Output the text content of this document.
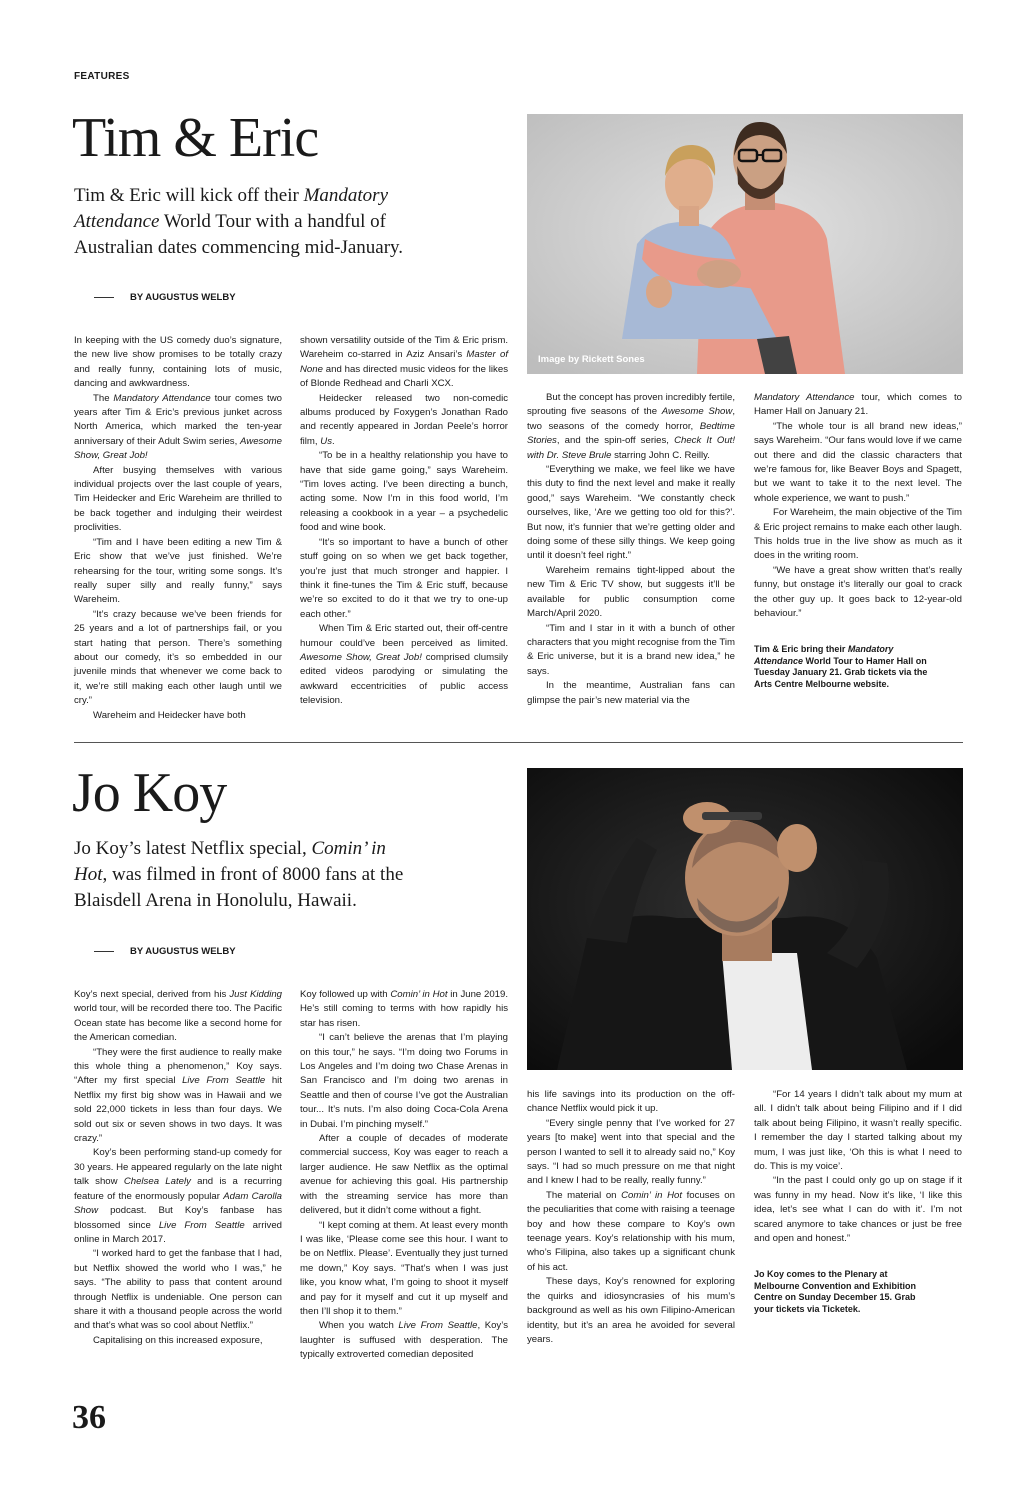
FEATURES
Tim & Eric
Tim & Eric will kick off their Mandatory Attendance World Tour with a handful of Australian dates commencing mid-January.
BY AUGUSTUS WELBY
Image by Rickett Sones

In keeping with the US comedy duo’s signature, the new live show promises to be totally crazy and really funny, containing lots of music, dancing and awkwardness.

The Mandatory Attendance tour comes two years after Tim & Eric’s previous junket across North America, which marked the ten-year anniversary of their Adult Swim series, Awesome Show, Great Job!

After busying themselves with various individual projects over the last couple of years, Tim Heidecker and Eric Wareheim are thrilled to be back together and indulging their weirdest proclivities.

“Tim and I have been editing a new Tim & Eric show that we’ve just finished. We’re rehearsing for the tour, writing some songs. It’s really super silly and really funny,” says Wareheim.

“It’s crazy because we’ve been friends for 25 years and a lot of partnerships fail, or you start hating that person. There’s something about our comedy, it’s so embedded in our juvenile minds that whenever we come back to it, we’re still making each other laugh until we cry.”

Wareheim and Heidecker have both

shown versatility outside of the Tim & Eric prism. Wareheim co-starred in Aziz Ansari’s Master of None and has directed music videos for the likes of Blonde Redhead and Charli XCX.

Heidecker released two non-comedic albums produced by Foxygen’s Jonathan Rado and recently appeared in Jordan Peele’s horror film, Us.

“To be in a healthy relationship you have to have that side game going,” says Wareheim. “Tim loves acting. I’ve been directing a bunch, acting some. Now I’m in this food world, I’m releasing a cookbook in a year – a psychedelic food and wine book.

“It’s so important to have a bunch of other stuff going on so when we get back together, you’re just that much stronger and happier. I think it fine-tunes the Tim & Eric stuff, because we’re so excited to do it that we try to one-up each other.”

When Tim & Eric started out, their off-centre humour could’ve been perceived as limited. Awesome Show, Great Job! comprised clumsily edited videos parodying or simulating the awkward eccentricities of public access television.

But the concept has proven incredibly fertile, sprouting five seasons of the Awesome Show, two seasons of the comedy horror, Bedtime Stories, and the spin-off series, Check It Out! with Dr. Steve Brule starring John C. Reilly.

“Everything we make, we feel like we have this duty to find the next level and make it really good,” says Wareheim. “We constantly check ourselves, like, ‘Are we getting too old for this?’. But now, it’s funnier that we’re getting older and doing some of these silly things. We keep going until it doesn’t feel right.”

Wareheim remains tight-lipped about the new Tim & Eric TV show, but suggests it’ll be available for public consumption come March/April 2020.

“Tim and I star in it with a bunch of other characters that you might recognise from the Tim & Eric universe, but it is a brand new idea,” he says.

In the meantime, Australian fans can glimpse the pair’s new material via the

Mandatory Attendance tour, which comes to Hamer Hall on January 21.

“The whole tour is all brand new ideas,” says Wareheim. “Our fans would love if we came out there and did the classic characters that we’re famous for, like Beaver Boys and Spagett, but we want to take it to the next level. The whole experience, we want to push.”

For Wareheim, the main objective of the Tim & Eric project remains to make each other laugh. This holds true in the live show as much as it does in the writing room.

“We have a great show written that’s really funny, but onstage it’s literally our goal to crack the other guy up. It goes back to 12-year-old behaviour.”

Tim & Eric bring their Mandatory Attendance World Tour to Hamer Hall on Tuesday January 21. Grab tickets via the Arts Centre Melbourne website.
Jo Koy
Jo Koy’s latest Netflix special, Comin’ in Hot, was filmed in front of 8000 fans at the Blaisdell Arena in Honolulu, Hawaii.
BY AUGUSTUS WELBY

Koy’s next special, derived from his Just Kidding world tour, will be recorded there too. The Pacific Ocean state has become like a second home for the American comedian.

“They were the first audience to really make this whole thing a phenomenon,” Koy says. “After my first special Live From Seattle hit Netflix my first big show was in Hawaii and we sold 22,000 tickets in less than four days. We sold out six or seven shows in two days. It was crazy.”

Koy’s been performing stand-up comedy for 30 years. He appeared regularly on the late night talk show Chelsea Lately and is a recurring feature of the enormously popular Adam Carolla Show podcast. But Koy’s fanbase has blossomed since Live From Seattle arrived online in March 2017.

“I worked hard to get the fanbase that I had, but Netflix showed the world who I was,” he says. “The ability to pass that content around through Netflix is undeniable. One person can share it with a thousand people across the world and that’s what was so cool about Netflix.”

Capitalising on this increased exposure,

Koy followed up with Comin’ in Hot in June 2019. He’s still coming to terms with how rapidly his star has risen.

“I can’t believe the arenas that I’m playing on this tour,” he says. “I’m doing two Forums in Los Angeles and I’m doing two Chase Arenas in San Francisco and I’m doing two arenas in Seattle and then of course I’ve got the Australian tour... It’s nuts. I’m also doing Coca-Cola Arena in Dubai. I’m pinching myself.”

After a couple of decades of moderate commercial success, Koy was eager to reach a larger audience. He saw Netflix as the optimal avenue for achieving this goal. His partnership with the streaming service has more than delivered, but it didn’t come without a fight.

“I kept coming at them. At least every month I was like, ‘Please come see this hour. I want to be on Netflix. Please’. Eventually they just turned me down,” Koy says. “That’s when I was just like, you know what, I’m going to shoot it myself and pay for it myself and cut it up myself and then I’ll shop it to them.”

When you watch Live From Seattle, Koy’s laughter is suffused with desperation. The typically extroverted comedian deposited

his life savings into its production on the off-chance Netflix would pick it up.

“Every single penny that I’ve worked for 27 years [to make] went into that special and the person I wanted to sell it to already said no,” Koy says. “I had so much pressure on me that night and I knew I had to be really, really funny.”

The material on Comin’ in Hot focuses on the peculiarities that come with raising a teenage boy and how these compare to Koy’s own teenage years. Koy’s relationship with his mum, who’s Filipina, also takes up a significant chunk of his act.

These days, Koy’s renowned for exploring the quirks and idiosyncrasies of his mum’s background as well as his own Filipino-American identity, but it’s an area he avoided for several years.

“For 14 years I didn’t talk about my mum at all. I didn’t talk about being Filipino and if I did talk about being Filipino, it wasn’t really specific. I remember the day I started talking about my mum, I was just like, ‘Oh this is what I need to do. This is my voice’.

“In the past I could only go up on stage if it was funny in my head. Now it’s like, ‘I like this idea, let’s see what I can do with it’. I’m not scared anymore to take chances or just be free and open and honest.”

Jo Koy comes to the Plenary at Melbourne Convention and Exhibition Centre on Sunday December 15. Grab your tickets via Ticketek.
36
